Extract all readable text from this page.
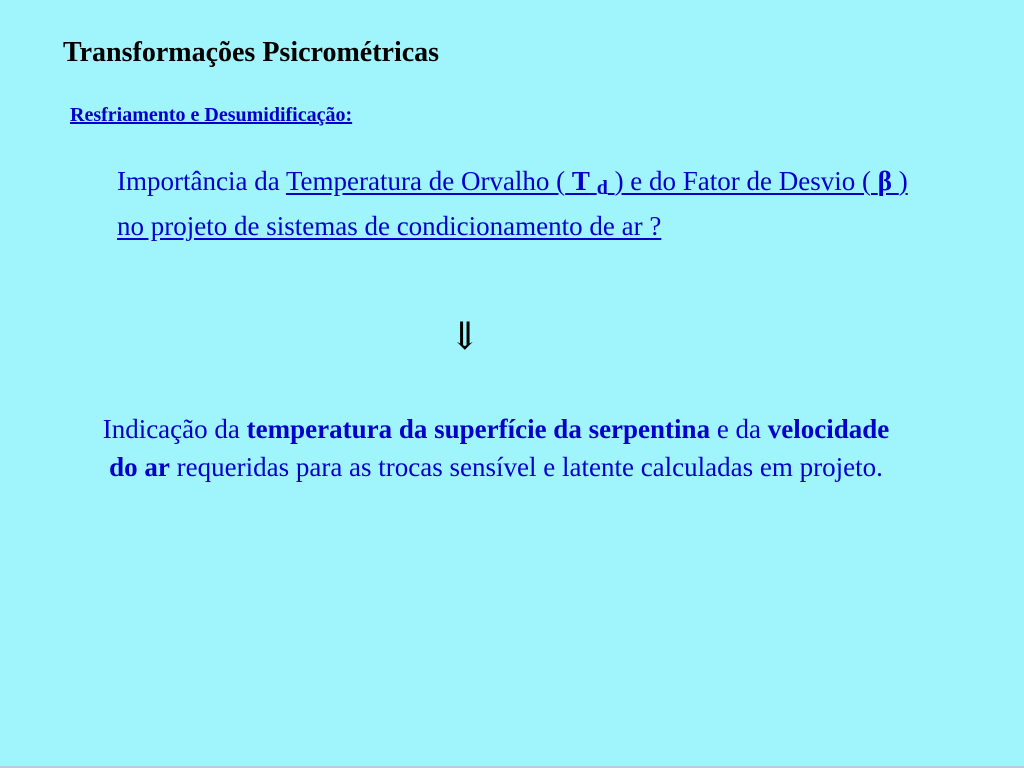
Transformações Psicrométricas
Resfriamento e Desumidificação:

Importância da Temperatura de Orvalho ( T $_d$ ) e do Fator de Desvio ( β ) no projeto de sistemas de condicionamento de ar ?

⇓

Indicação da temperatura da superfície da serpentina e da velocidade do ar requeridas para as trocas sensível e latente calculadas em projeto.
